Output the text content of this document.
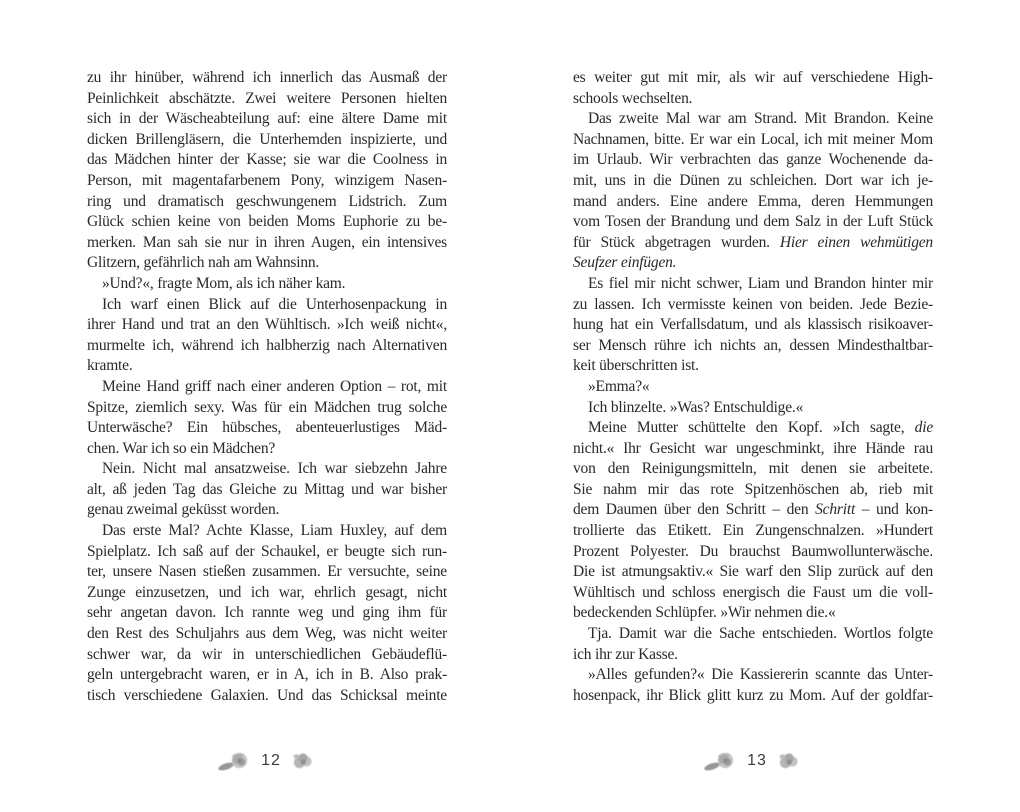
zu ihr hinüber, während ich innerlich das Ausmaß der
Peinlichkeit abschätzte. Zwei weitere Personen hielten
sich in der Wäscheabteilung auf: eine ältere Dame mit
dicken Brillengläsern, die Unterhemden inspizierte, und
das Mädchen hinter der Kasse; sie war die Coolness in
Person, mit magentafarbenem Pony, winzigem Nasen-
ring und dramatisch geschwungenem Lidstrich. Zum
Glück schien keine von beiden Moms Euphorie zu be-
merken. Man sah sie nur in ihren Augen, ein intensives
Glitzern, gefährlich nah am Wahnsinn.
»Und?«, fragte Mom, als ich näher kam.
Ich warf einen Blick auf die Unterhosenpackung in
ihrer Hand und trat an den Wühltisch. »Ich weiß nicht«,
murmelte ich, während ich halbherzig nach Alternativen
kramte.
Meine Hand griff nach einer anderen Option – rot, mit
Spitze, ziemlich sexy. Was für ein Mädchen trug solche
Unterwäsche? Ein hübsches, abenteuerlustiges Mäd-
chen. War ich so ein Mädchen?
Nein. Nicht mal ansatzweise. Ich war siebzehn Jahre
alt, aß jeden Tag das Gleiche zu Mittag und war bisher
genau zweimal geküsst worden.
Das erste Mal? Achte Klasse, Liam Huxley, auf dem
Spielplatz. Ich saß auf der Schaukel, er beugte sich run-
ter, unsere Nasen stießen zusammen. Er versuchte, seine
Zunge einzusetzen, und ich war, ehrlich gesagt, nicht
sehr angetan davon. Ich rannte weg und ging ihm für
den Rest des Schuljahrs aus dem Weg, was nicht weiter
schwer war, da wir in unterschiedlichen Gebäudeflü-
geln untergebracht waren, er in A, ich in B. Also prak-
tisch verschiedene Galaxien. Und das Schicksal meinte
12
es weiter gut mit mir, als wir auf verschiedene High-
schools wechselten.
Das zweite Mal war am Strand. Mit Brandon. Keine
Nachnamen, bitte. Er war ein Local, ich mit meiner Mom
im Urlaub. Wir verbrachten das ganze Wochenende da-
mit, uns in die Dünen zu schleichen. Dort war ich je-
mand anders. Eine andere Emma, deren Hemmungen
vom Tosen der Brandung und dem Salz in der Luft Stück
für Stück abgetragen wurden. Hier einen wehmütigen
Seufzer einfügen.
Es fiel mir nicht schwer, Liam und Brandon hinter mir
zu lassen. Ich vermisste keinen von beiden. Jede Bezie-
hung hat ein Verfallsdatum, und als klassisch risikoaver-
ser Mensch rühre ich nichts an, dessen Mindesthaltbar-
keit überschritten ist.
»Emma?«
Ich blinzelte. »Was? Entschuldige.«
Meine Mutter schüttelte den Kopf. »Ich sagte, die
nicht.« Ihr Gesicht war ungeschminkt, ihre Hände rau
von den Reinigungsmitteln, mit denen sie arbeitete.
Sie nahm mir das rote Spitzenhöschen ab, rieb mit
dem Daumen über den Schritt – den Schritt – und kon-
trollierte das Etikett. Ein Zungenschnalzen. »Hundert
Prozent Polyester. Du brauchst Baumwollunterwäsche.
Die ist atmungsaktiv.« Sie warf den Slip zurück auf den
Wühltisch und schloss energisch die Faust um die voll-
bedeckenden Schlüpfer. »Wir nehmen die.«
Tja. Damit war die Sache entschieden. Wortlos folgte
ich ihr zur Kasse.
»Alles gefunden?« Die Kassiererin scannte das Unter-
hosenpack, ihr Blick glitt kurz zu Mom. Auf der goldfar-
13
